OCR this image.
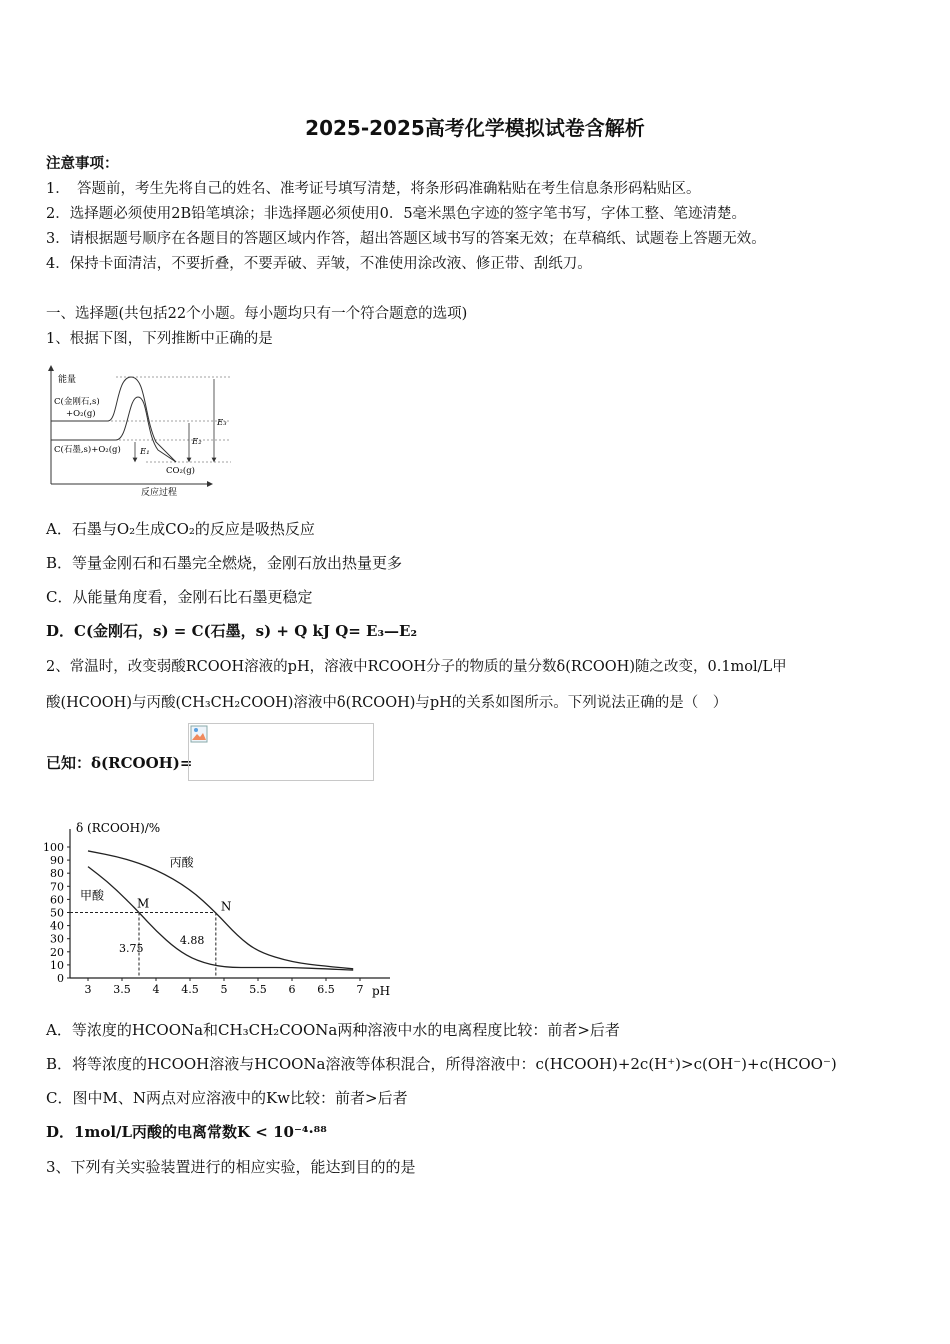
2025-2025高考化学模拟试卷含解析
注意事项：
1．　答题前，考生先将自己的姓名、准考证号填写清楚，将条形码准确粘贴在考生信息条形码粘贴区。
2．选择题必须使用2B铅笔填涂；非选择题必须使用0．5毫米黑色字迹的签字笔书写，字体工整、笔迹清楚。
3．请根据题号顺序在各题目的答题区域内作答，超出答题区域书写的答案无效；在草稿纸、试题卷上答题无效。
4．保持卡面清洁，不要折叠，不要弄破、弄皱，不准使用涂改液、修正带、刮纸刀。
一、选择题(共包括22个小题。每小题均只有一个符合题意的选项)
1、根据下图，下列推断中正确的是
能量
反应过程
C(金刚石,s)
+O₂(g)
C(石墨,s)+O₂(g)
CO₂(g)
E₁
E₂
E₃
A．石墨与O₂生成CO₂的反应是吸热反应
B．等量金刚石和石墨完全燃烧，金刚石放出热量更多
C．从能量角度看，金刚石比石墨更稳定
D．C(金刚石，s) = C(石墨，s) + Q kJ Q= E₃—E₂
2、常温时，改变弱酸RCOOH溶液的pH，溶液中RCOOH分子的物质的量分数δ(RCOOH)随之改变，0.1mol/L甲
酸(HCOOH)与丙酸(CH₃CH₂COOH)溶液中δ(RCOOH)与pH的关系如图所示。下列说法正确的是（　）
已知：δ(RCOOH)=
δ (RCOOH)/%
pH
0
10
20
30
40
50
60
70
80
90
100
3 3.5 4 4.5 5 5.5 6 6.5 7
甲酸
丙酸
M	N
3.75
4.88
A．等浓度的HCOONa和CH₃CH₂COONa两种溶液中水的电离程度比较：前者>后者
B．将等浓度的HCOOH溶液与HCOONa溶液等体积混合，所得溶液中：c(HCOOH)+2c(H⁺)>c(OH⁻)+c(HCOO⁻)
C．图中M、N两点对应溶液中的Kw比较：前者>后者
D．1mol/L丙酸的电离常数K < 10⁻⁴·⁸⁸
3、下列有关实验装置进行的相应实验，能达到目的的是
